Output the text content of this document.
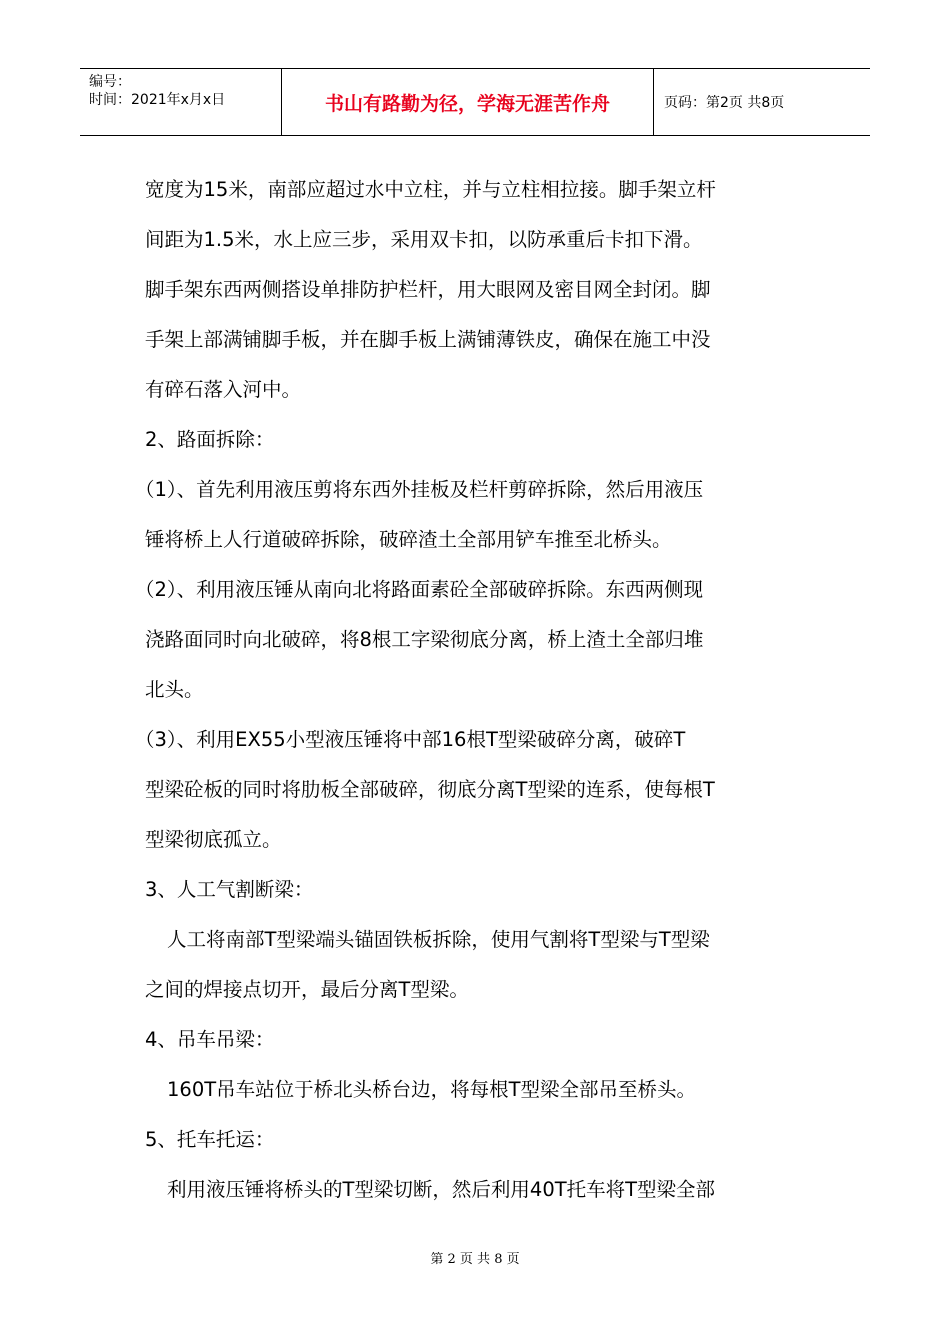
编号：
时间：2021年x月x日	书山有路勤为径，学海无涯苦作舟	页码：第2页 共8页

宽度为15米，南部应超过水中立柱，并与立柱相拉接。脚手架立杆

间距为1.5米，水上应三步，采用双卡扣，以防承重后卡扣下滑。

脚手架东西两侧搭设单排防护栏杆，用大眼网及密目网全封闭。脚

手架上部满铺脚手板，并在脚手板上满铺薄铁皮，确保在施工中没

有碎石落入河中。

2、路面拆除：

（1）、首先利用液压剪将东西外挂板及栏杆剪碎拆除，然后用液压

锤将桥上人行道破碎拆除，破碎渣土全部用铲车推至北桥头。

（2）、利用液压锤从南向北将路面素砼全部破碎拆除。东西两侧现

浇路面同时向北破碎，将8根工字梁彻底分离，桥上渣土全部归堆

北头。

（3）、利用EX55小型液压锤将中部16根T型梁破碎分离，破碎T

型梁砼板的同时将肋板全部破碎，彻底分离T型梁的连系，使每根T

型梁彻底孤立。

3、人工气割断梁：

人工将南部T型梁端头锚固铁板拆除，使用气割将T型梁与T型梁

之间的焊接点切开，最后分离T型梁。

4、吊车吊梁：

160T吊车站位于桥北头桥台边，将每根T型梁全部吊至桥头。

5、托车托运：

利用液压锤将桥头的T型梁切断，然后利用40T托车将T型梁全部

第 2 页 共 8 页
